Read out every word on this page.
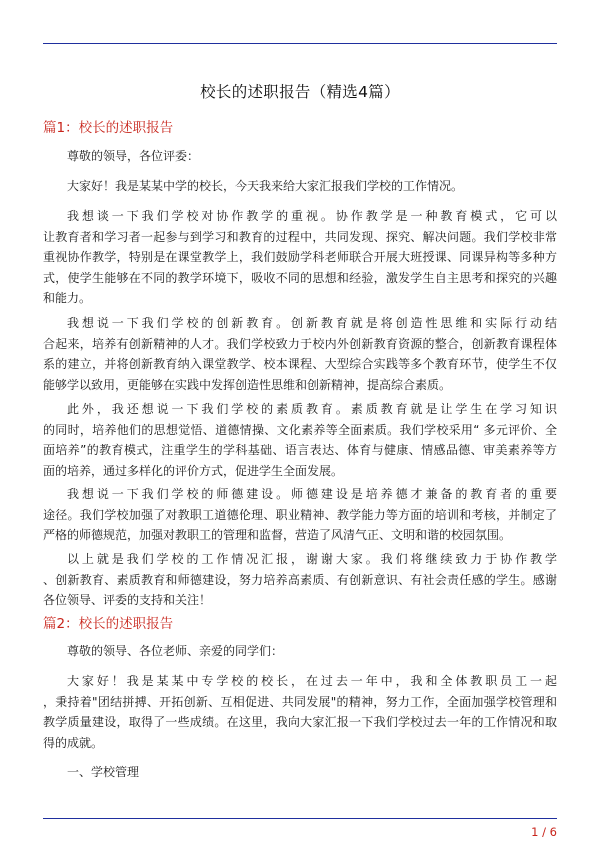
校长的述职报告（精选4篇）
篇1：校长的述职报告

尊敬的领导，各位评委：

大家好！我是某某中学的校长，今天我来给大家汇报我们学校的工作情况。

我想谈一下我们学校对协作教学的重视。协作教学是一种教育模式，它可以
让教育者和学习者一起参与到学习和教育的过程中，共同发现、探究、解决问题。我们学校非常
重视协作教学，特别是在课堂教学上，我们鼓励学科老师联合开展大班授课、同课异构等多种方
式，使学生能够在不同的教学环境下，吸收不同的思想和经验，激发学生自主思考和探究的兴趣
和能力。

我想说一下我们学校的创新教育。创新教育就是将创造性思维和实际行动结
合起来，培养有创新精神的人才。我们学校致力于校内外创新教育资源的整合，创新教育课程体
系的建立，并将创新教育纳入课堂教学、校本课程、大型综合实践等多个教育环节，使学生不仅
能够学以致用，更能够在实践中发挥创造性思维和创新精神，提高综合素质。

此外，我还想说一下我们学校的素质教育。素质教育就是让学生在学习知识
的同时，培养他们的思想觉悟、道德情操、文化素养等全面素质。我们学校采用“ 多元评价、全
面培养”的教育模式，注重学生的学科基础、语言表达、体育与健康、情感品德、审美素养等方
面的培养，通过多样化的评价方式，促进学生全面发展。

我想说一下我们学校的师德建设。师德建设是培养德才兼备的教育者的重要
途径。我们学校加强了对教职工道德伦理、职业精神、教学能力等方面的培训和考核，并制定了
严格的师德规范，加强对教职工的管理和监督，营造了风清气正、文明和谐的校园氛围。

以上就是我们学校的工作情况汇报，谢谢大家。我们将继续致力于协作教学
、创新教育、素质教育和师德建设，努力培养高素质、有创新意识、有社会责任感的学生。感谢
各位领导、评委的支持和关注！

篇2：校长的述职报告

尊敬的领导、各位老师、亲爱的同学们：

大家好！我是某某中专学校的校长，在过去一年中，我和全体教职员工一起
，秉持着"团结拼搏、开拓创新、互相促进、共同发展"的精神，努力工作，全面加强学校管理和
教学质量建设，取得了一些成绩。在这里，我向大家汇报一下我们学校过去一年的工作情况和取
得的成就。

一、学校管理

1 / 6
